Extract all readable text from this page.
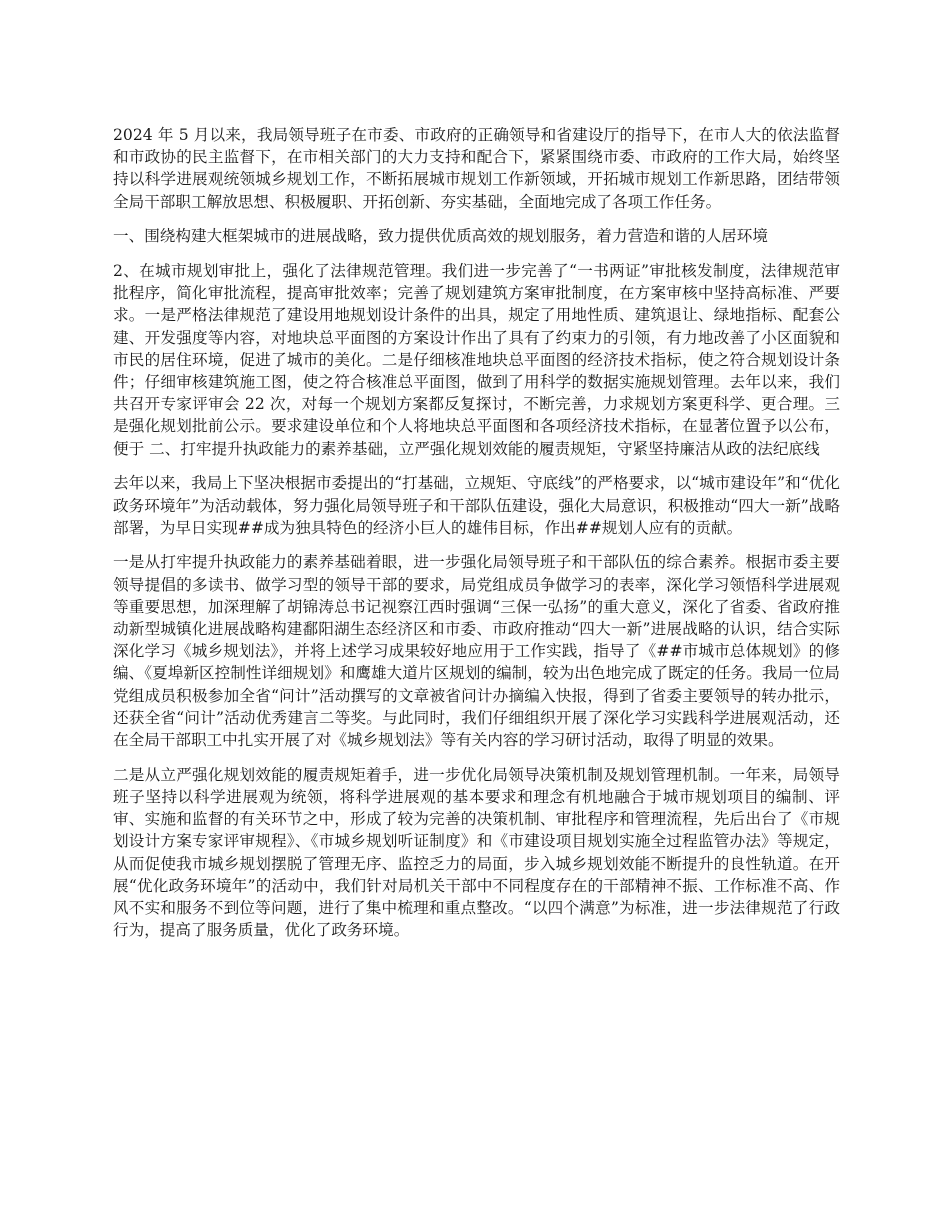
2024 年 5 月以来，我局领导班子在市委、市政府的正确领导和省建设厅的指导下，在市人大的依法监督和市政协的民主监督下，在市相关部门的大力支持和配合下，紧紧围绕市委、市政府的工作大局，始终坚持以科学进展观统领城乡规划工作，不断拓展城市规划工作新领域，开拓城市规划工作新思路，团结带领全局干部职工解放思想、积极履职、开拓创新、夯实基础，全面地完成了各项工作任务。

一、围绕构建大框架城市的进展战略，致力提供优质高效的规划服务，着力营造和谐的人居环境

2、在城市规划审批上，强化了法律规范管理。我们进一步完善了“一书两证”审批核发制度，法律规范审批程序，简化审批流程，提高审批效率；完善了规划建筑方案审批制度，在方案审核中坚持高标准、严要求。一是严格法律规范了建设用地规划设计条件的出具，规定了用地性质、建筑退让、绿地指标、配套公建、开发强度等内容，对地块总平面图的方案设计作出了具有了约束力的引领，有力地改善了小区面貌和市民的居住环境，促进了城市的美化。二是仔细核准地块总平面图的经济技术指标，使之符合规划设计条件；仔细审核建筑施工图，使之符合核准总平面图，做到了用科学的数据实施规划管理。去年以来，我们共召开专家评审会 22 次，对每一个规划方案都反复探讨，不断完善，力求规划方案更科学、更合理。三是强化规划批前公示。要求建设单位和个人将地块总平面图和各项经济技术指标，在显著位置予以公布，便于 二、打牢提升执政能力的素养基础，立严强化规划效能的履责规矩，守紧坚持廉洁从政的法纪底线

去年以来，我局上下坚决根据市委提出的“打基础，立规矩、守底线”的严格要求，以“城市建设年”和“优化政务环境年”为活动载体，努力强化局领导班子和干部队伍建设，强化大局意识，积极推动“四大一新”战略部署，为早日实现##成为独具特色的经济小巨人的雄伟目标，作出##规划人应有的贡献。

一是从打牢提升执政能力的素养基础着眼，进一步强化局领导班子和干部队伍的综合素养。根据市委主要领导提倡的多读书、做学习型的领导干部的要求，局党组成员争做学习的表率，深化学习领悟科学进展观等重要思想，加深理解了胡锦涛总书记视察江西时强调“三保一弘扬”的重大意义，深化了省委、省政府推动新型城镇化进展战略构建鄱阳湖生态经济区和市委、市政府推动“四大一新”进展战略的认识，结合实际深化学习《城乡规划法》，并将上述学习成果较好地应用于工作实践，指导了《##市城市总体规划》的修编、《夏埠新区控制性详细规划》和鹰雄大道片区规划的编制，较为出色地完成了既定的任务。我局一位局党组成员积极参加全省“问计”活动撰写的文章被省问计办摘编入快报，得到了省委主要领导的转办批示，还获全省“问计”活动优秀建言二等奖。与此同时，我们仔细组织开展了深化学习实践科学进展观活动，还在全局干部职工中扎实开展了对《城乡规划法》等有关内容的学习研讨活动，取得了明显的效果。

二是从立严强化规划效能的履责规矩着手，进一步优化局领导决策机制及规划管理机制。一年来，局领导班子坚持以科学进展观为统领，将科学进展观的基本要求和理念有机地融合于城市规划项目的编制、评审、实施和监督的有关环节之中，形成了较为完善的决策机制、审批程序和管理流程，先后出台了《市规划设计方案专家评审规程》、《市城乡规划听证制度》和《市建设项目规划实施全过程监管办法》等规定，从而促使我市城乡规划摆脱了管理无序、监控乏力的局面，步入城乡规划效能不断提升的良性轨道。在开展“优化政务环境年”的活动中，我们针对局机关干部中不同程度存在的干部精神不振、工作标准不高、作风不实和服务不到位等问题，进行了集中梳理和重点整改。“以四个满意”为标准，进一步法律规范了行政行为，提高了服务质量，优化了政务环境。
